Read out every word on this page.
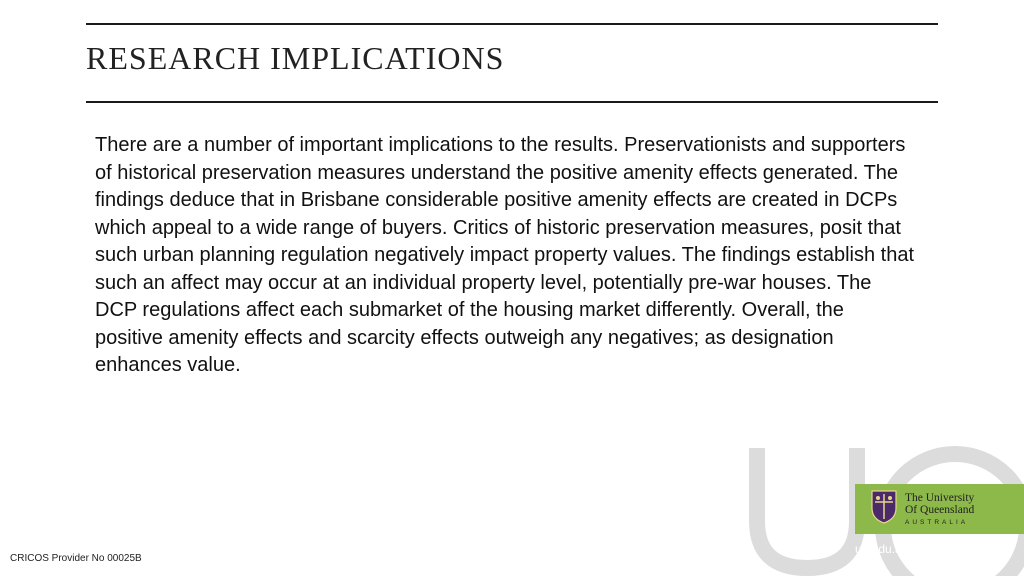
RESEARCH IMPLICATIONS

There are a number of important implications to the results. Preservationists and supporters of historical preservation measures understand the positive amenity effects generated. The findings deduce that in Brisbane considerable positive amenity effects are created in DCPs which appeal to a wide range of buyers. Critics of historic preservation measures, posit that such urban planning regulation negatively impact property values. The findings establish that such an affect may occur at an individual property level, potentially pre-war houses. The DCP regulations affect each submarket of the housing market differently. Overall, the positive amenity effects and scarcity effects outweigh any negatives; as designation enhances value.

The University
Of Queensland
AUSTRALIA
uq.edu.au
CRICOS Provider No 00025B
